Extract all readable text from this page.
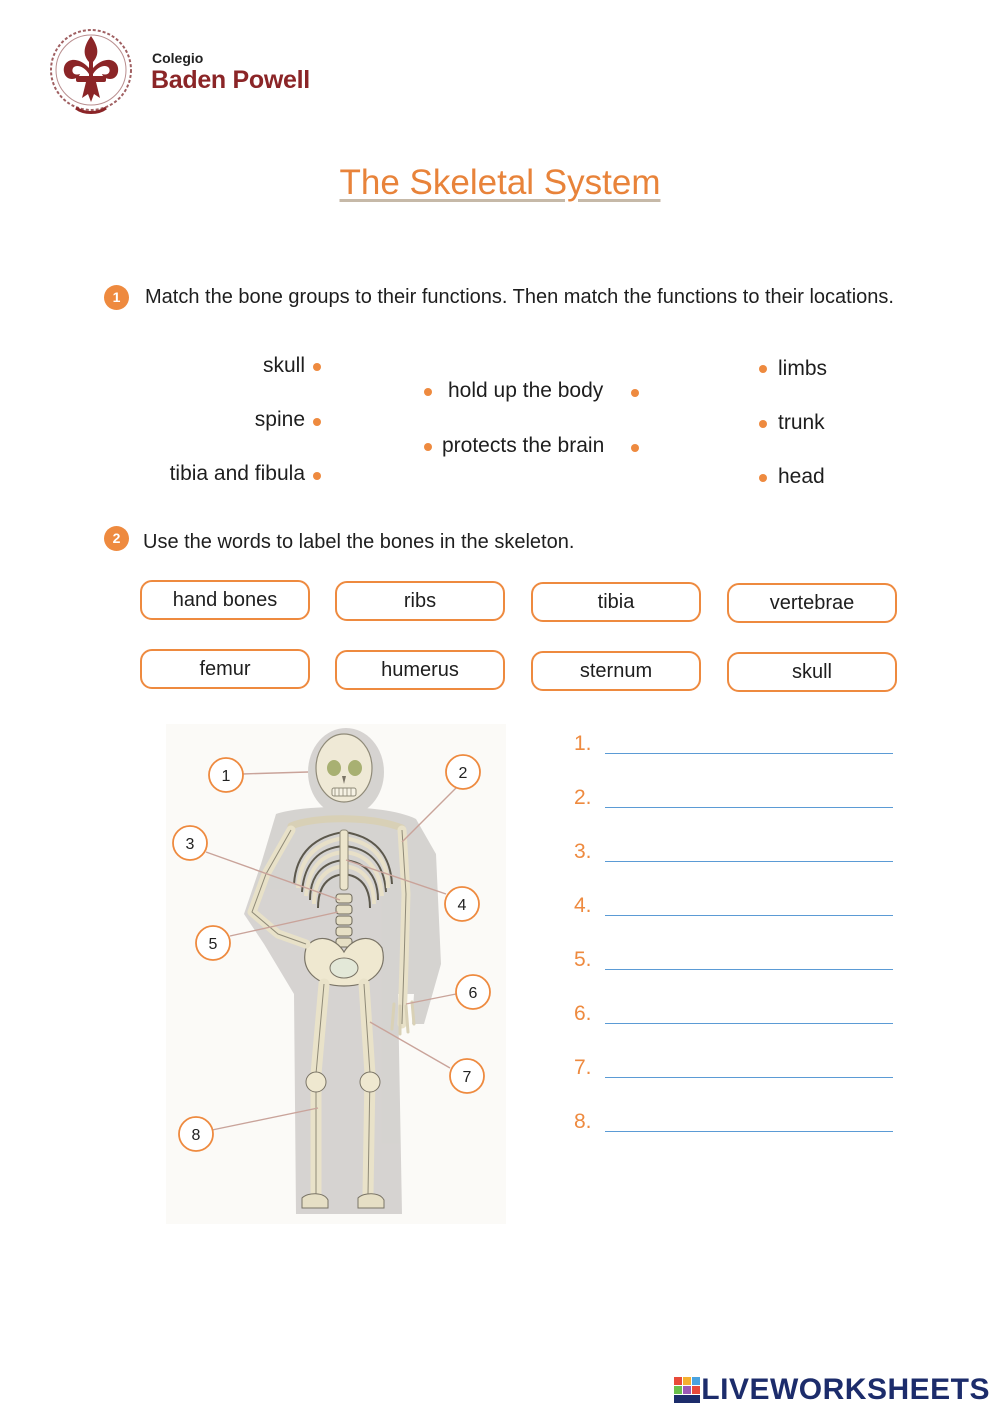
Colegio
Baden Powell
The Skeletal System
1	Match the bone groups to their functions. Then match the functions to their locations.
skull
spine
tibia and fibula
hold up the body
protects the brain
limbs
trunk
head
2	Use the words to label the bones in the skeleton.
hand bones	ribs	tibia	vertebrae
femur	humerus	sternum	skull
1	2
3
4
5
6
7
8
1.
2.
3.
4.
5.
6.
7.
8.
LIVEWORKSHEETS
